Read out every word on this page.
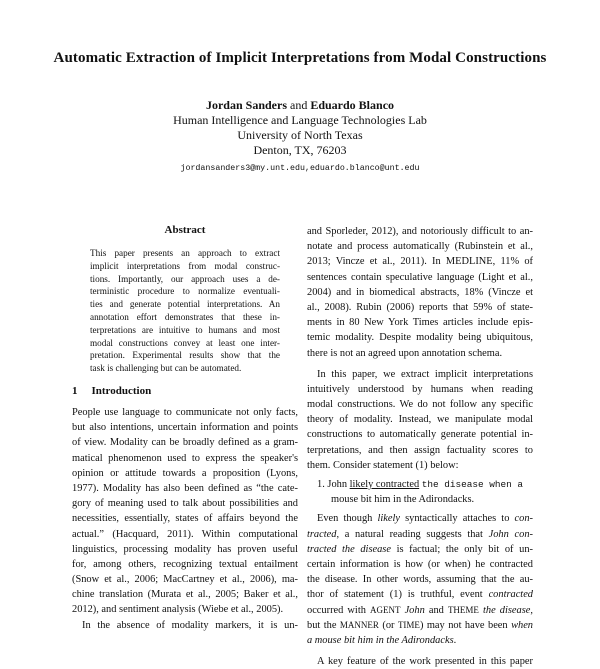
Automatic Extraction of Implicit Interpretations from Modal Constructions
Jordan Sanders and Eduardo Blanco
Human Intelligence and Language Technologies Lab
University of North Texas
Denton, TX, 76203
jordansanders3@my.unt.edu,eduardo.blanco@unt.edu
Abstract
This paper presents an approach to extract
implicit interpretations from modal construc-
tions. Importantly, our approach uses a de-
terministic procedure to normalize eventuali-
ties and generate potential interpretations. An
annotation effort demonstrates that these in-
terpretations are intuitive to humans and most
modal constructions convey at least one inter-
pretation. Experimental results show that the
task is challenging but can be automated.
1 Introduction
People use language to communicate not only facts,
but also intentions, uncertain information and points
of view. Modality can be broadly defined as a gram-
matical phenomenon used to express the speaker's
opinion or attitude towards a proposition (Lyons,
1977). Modality has also been defined as “the cate-
gory of meaning used to talk about possibilities and
necessities, essentially, states of affairs beyond the
actual.” (Hacquard, 2011). Within computational
linguistics, processing modality has proven useful
for, among others, recognizing textual entailment
(Snow et al., 2006; MacCartney et al., 2006), ma-
chine translation (Murata et al., 2005; Baker et al.,
2012), and sentiment analysis (Wiebe et al., 2005).
In the absence of modality markers, it is un-
and Sporleder, 2012), and notoriously difficult to an-
notate and process automatically (Rubinstein et al.,
2013; Vincze et al., 2011). In MEDLINE, 11% of
sentences contain speculative language (Light et al.,
2004) and in biomedical abstracts, 18% (Vincze et
al., 2008). Rubin (2006) reports that 59% of state-
ments in 80 New York Times articles include epis-
temic modality. Despite modality being ubiquitous,
there is not an agreed upon annotation schema.
In this paper, we extract implicit interpretations
intuitively understood by humans when reading
modal constructions. We do not follow any specific
theory of modality. Instead, we manipulate modal
constructions to automatically generate potential in-
terpretations, and then assign factuality scores to
them. Consider statement (1) below:
1. John likely contracted the disease when a
mouse bit him in the Adirondacks.
Even though likely syntactically attaches to con-
tracted, a natural reading suggests that John con-
tracted the disease is factual; the only bit of un-
certain information is how (or when) he contracted
the disease. In other words, assuming that the au-
thor of statement (1) is truthful, event contracted
occurred with AGENT John and THEME the disease,
but the MANNER (or TIME) may not have been when
a mouse bit him in the Adirondacks.
A key feature of the work presented in this paper
